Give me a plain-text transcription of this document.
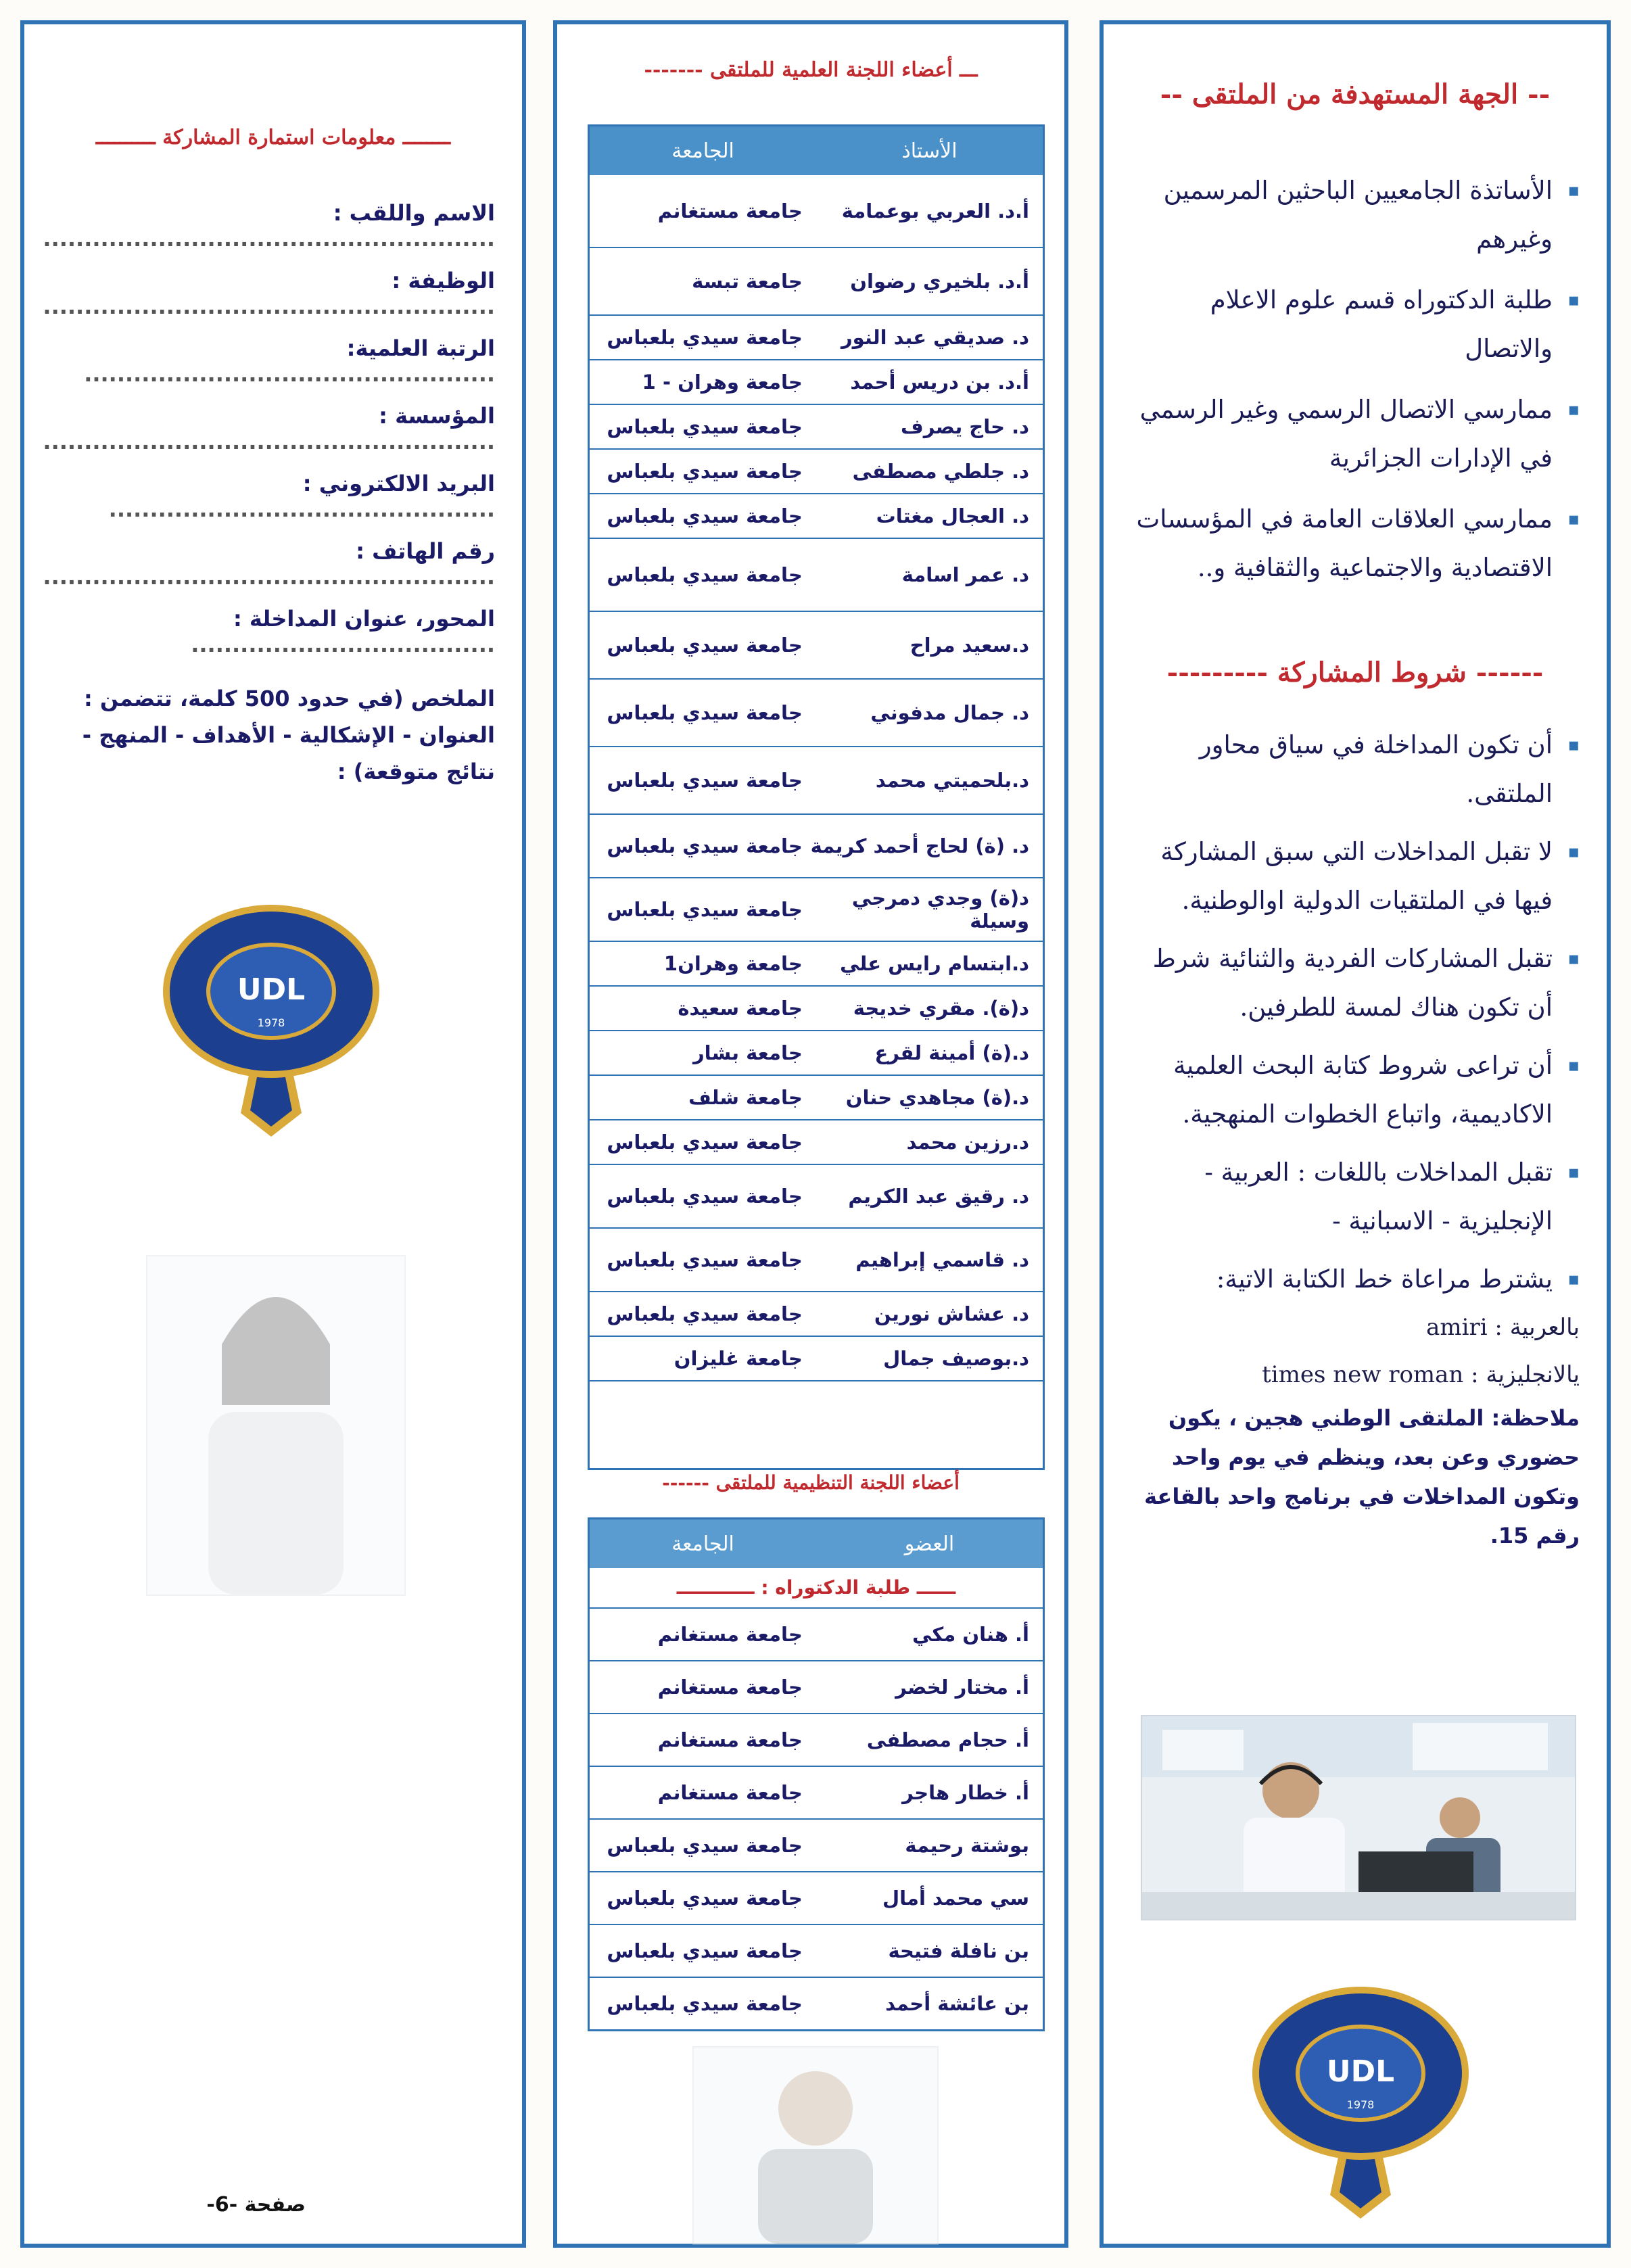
-- الجهة المستهدفة من الملتقى --
▪ الأساتذة الجامعيين الباحثين المرسمين وغيرهم
▪ طلبة الدكتوراه قسم علوم الاعلام والاتصال
▪ ممارسي الاتصال الرسمي وغير الرسمي في الإدارات الجزائرية
▪ ممارسي العلاقات العامة في المؤسسات الاقتصادية والاجتماعية والثقافية و..
------ شروط المشاركة ---------
▪ أن تكون المداخلة في سياق محاور الملتقى.
▪ لا تقبل المداخلات التي سبق المشاركة فيها في الملتقيات الدولية اوالوطنية.
▪ تقبل المشاركات الفردية والثنائية شرط أن تكون هناك لمسة للطرفين.
▪ أن تراعى شروط كتابة البحث العلمية الاكاديمية، واتباع الخطوات المنهجية.
▪ تقبل المداخلات باللغات : العربية - الإنجليزية - الاسبانية -
▪ يشترط مراعاة خط الكتابة الاتية:
بالعربية : amiri
يالانجليزية : times new roman
ملاحظة: الملتقى الوطني هجين ، يكون حضوري وعن بعد، وينظم في يوم واحد وتكون المداخلات في برنامج واحد بالقاعة رقم 15.
UDL
1978
ـــ أعضاء اللجنة العلمية للملتقى -------
الأستاذ
الجامعة
أ.د. العربي بوعمامة
جامعة مستغانم
أ.د. بلخيري رضوان
جامعة تبسة
د. صديقي عبد النور
جامعة سيدي بلعباس
أ.د. بن دريس أحمد
جامعة وهران - 1
د. حاج يصرف
جامعة سيدي بلعباس
د. جلطي مصطفى
جامعة سيدي بلعباس
د. العجال مغتات
جامعة سيدي بلعباس
د. عمر اسامة
جامعة سيدي بلعباس
د.سعيد مراح
جامعة سيدي بلعباس
د. جمال مدفوني
جامعة سيدي بلعباس
د.بلحميتي محمد
جامعة سيدي بلعباس
د. (ة) لحاج أحمد كريمة
جامعة سيدي بلعباس
د(ة) وجدي دمرجي وسيلة
جامعة سيدي بلعباس
د.ابتسام رايس علي
جامعة وهران1
د(ة). مقري خديجة
جامعة سعيدة
د.(ة) أمينة لقرع
جامعة بشار
د.(ة) مجاهدي حنان
جامعة شلف
د.رزين محمد
جامعة سيدي بلعباس
د. رقيق عبد الكريم
جامعة سيدي بلعباس
د. قاسمي إبراهيم
جامعة سيدي بلعباس
د. عشاش نورين
جامعة سيدي بلعباس
د.بوصيف جمال
جامعة غليزان
أعضاء اللجنة التنظيمية للملتقى ------
العضو
الجامعة
ــــــ طلبة الدكتوراه : ــــــــــــ
أ. هنان مكي
جامعة مستغانم
أ. مختار لخضر
جامعة مستغانم
أ. حجام مصطفى
جامعة مستغانم
أ. خطار هاجر
جامعة مستغانم
بوشتة رحيمة
جامعة سيدي بلعباس
سي محمد أمال
جامعة سيدي بلعباس
بن نافلة فتيحة
جامعة سيدي بلعباس
بن عائشة أحمد
جامعة سيدي بلعباس
ــــــــ معلومات استمارة المشاركة ــــــــــ
الاسم واللقب : .......................................................
الوظيفة : .......................................................
الرتبة العلمية: ..................................................
المؤسسة : .......................................................
البريد الالكتروني : ...............................................
رقم الهاتف : .......................................................
المحور، عنوان المداخلة : .....................................
الملخص (في حدود 500 كلمة، تتضمن : العنوان - الإشكالية - الأهداف - المنهج - نتائج متوقعة) :
UDL
1978
صفحة -6-
